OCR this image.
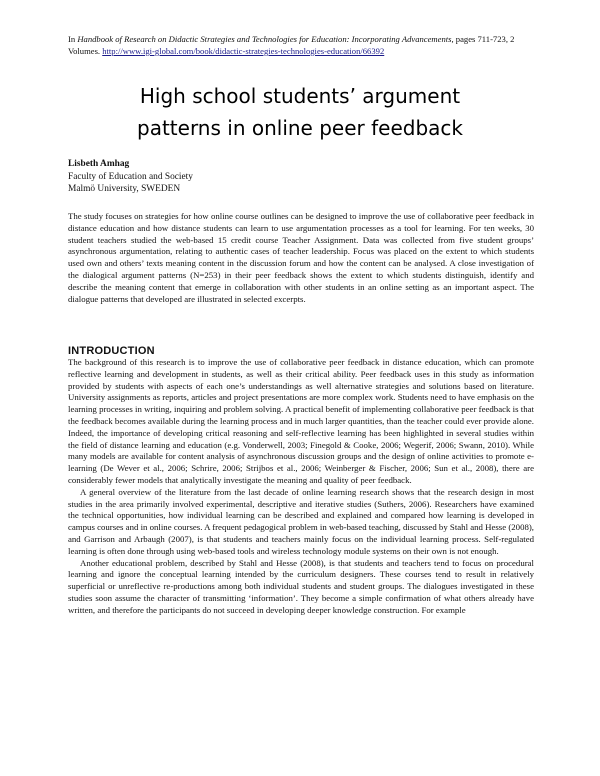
In Handbook of Research on Didactic Strategies and Technologies for Education: Incorporating Advancements, pages 711-723, 2 Volumes. http://www.igi-global.com/book/didactic-strategies-technologies-education/66392
High school students’ argument
patterns in online peer feedback
Lisbeth Amhag
Faculty of Education and Society
Malmö University, SWEDEN

The study focuses on strategies for how online course outlines can be designed to improve the use of collaborative peer feedback in distance education and how distance students can learn to use argumentation processes as a tool for learning. For ten weeks, 30 student teachers studied the web-based 15 credit course Teacher Assignment. Data was collected from five student groups’ asynchronous argumentation, relating to authentic cases of teacher leadership. Focus was placed on the extent to which students used own and others’ texts meaning content in the discussion forum and how the content can be analysed. A close investigation of the dialogical argument patterns (N=253) in their peer feedback shows the extent to which students distinguish, identify and describe the meaning content that emerge in collaboration with other students in an online setting as an important aspect. The dialogue patterns that developed are illustrated in selected excerpts.

INTRODUCTION

The background of this research is to improve the use of collaborative peer feedback in distance education, which can promote reflective learning and development in students, as well as their critical ability. Peer feedback uses in this study as information provided by students with aspects of each one’s understandings as well alternative strategies and solutions based on literature. University assignments as reports, articles and project presentations are more complex work. Students need to have emphasis on the learning processes in writing, inquiring and problem solving. A practical benefit of implementing collaborative peer feedback is that the feedback becomes available during the learning process and in much larger quantities, than the teacher could ever provide alone. Indeed, the importance of developing critical reasoning and self-reflective learning has been highlighted in several studies within the field of distance learning and education (e.g. Vonderwell, 2003; Finegold & Cooke, 2006; Wegerif, 2006; Swann, 2010). While many models are available for content analysis of asynchronous discussion groups and the design of online activities to promote e-learning (De Wever et al., 2006; Schrire, 2006; Strijbos et al., 2006; Weinberger & Fischer, 2006; Sun et al., 2008), there are considerably fewer models that analytically investigate the meaning and quality of peer feedback.

A general overview of the literature from the last decade of online learning research shows that the research design in most studies in the area primarily involved experimental, descriptive and iterative studies (Suthers, 2006). Researchers have examined the technical opportunities, how individual learning can be described and explained and compared how learning is developed in campus courses and in online courses. A frequent pedagogical problem in web-based teaching, discussed by Stahl and Hesse (2008), and Garrison and Arbaugh (2007), is that students and teachers mainly focus on the individual learning process. Self-regulated learning is often done through using web-based tools and wireless technology module systems on their own is not enough.

Another educational problem, described by Stahl and Hesse (2008), is that students and teachers tend to focus on procedural learning and ignore the conceptual learning intended by the curriculum designers. These courses tend to result in relatively superficial or unreflective re-productions among both individual students and student groups. The dialogues investigated in these studies soon assume the character of transmitting ‘information’. They become a simple confirmation of what others already have written, and therefore the participants do not succeed in developing deeper knowledge construction. For example
